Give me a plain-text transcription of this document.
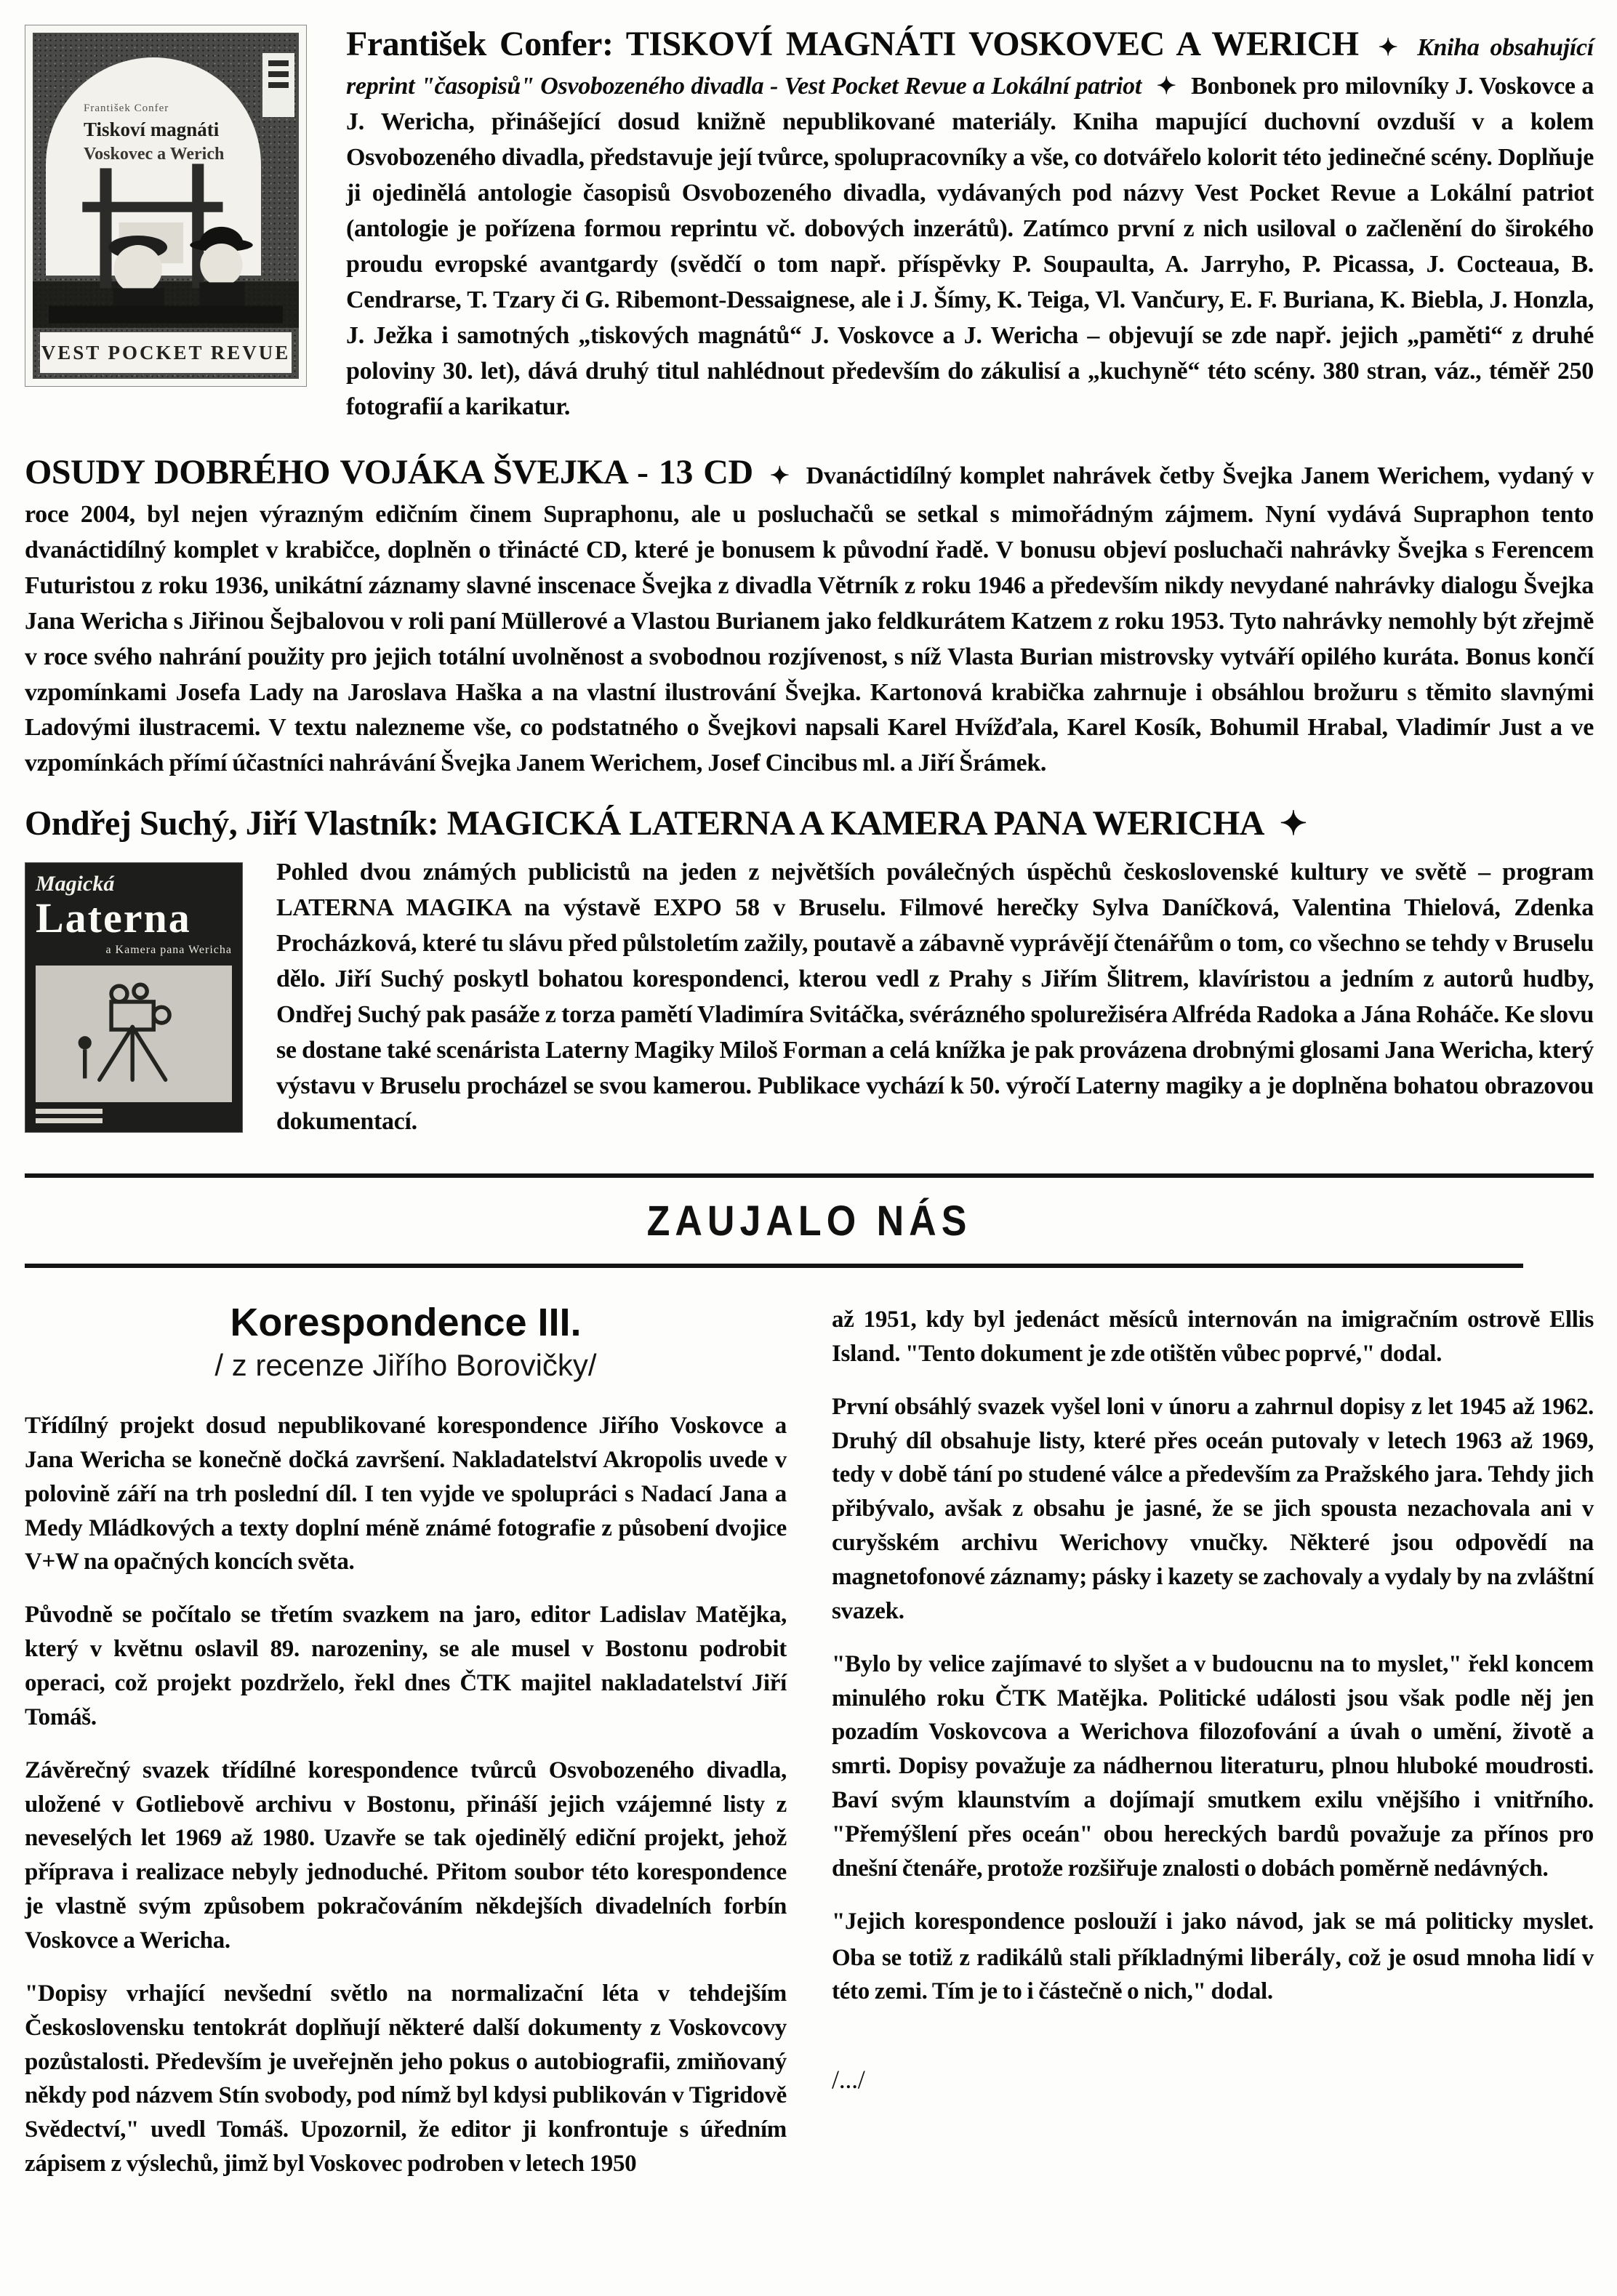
František Confer
Tiskoví magnáti
Voskovec a Werich
VEST POCKET REVUE

František Confer: TISKOVÍ MAGNÁTI VOSKOVEC A WERICH ✦ Kniha obsahující reprint "časopisů" Osvobozeného divadla - Vest Pocket Revue a Lokální patriot ✦ Bonbonek pro milovníky J. Voskovce a J. Wericha, přinášející dosud knižně nepublikované materiály. Kniha mapující duchovní ovzduší v a kolem Osvobozeného divadla, představuje její tvůrce, spolupracovníky a vše, co dotvářelo kolorit této jedinečné scény. Doplňuje ji ojedinělá antologie časopisů Osvobozeného divadla, vydávaných pod názvy Vest Pocket Revue a Lokální patriot (antologie je pořízena formou reprintu vč. dobových inzerátů). Zatímco první z nich usiloval o začlenění do širokého proudu evropské avantgardy (svědčí o tom např. příspěvky P. Soupaulta, A. Jarryho, P. Picassa, J. Cocteaua, B. Cendrarse, T. Tzary či G. Ribemont-Dessaignese, ale i J. Šímy, K. Teiga, Vl. Vančury, E. F. Buriana, K. Biebla, J. Honzla, J. Ježka i samotných „tiskových magnátů“ J. Voskovce a J. Wericha – objevují se zde např. jejich „paměti“ z druhé poloviny 30. let), dává druhý titul nahlédnout především do zákulisí a „kuchyně“ této scény. 380 stran, váz., téměř 250 fotografií a karikatur.

OSUDY DOBRÉHO VOJÁKA ŠVEJKA - 13 CD ✦ Dvanáctidílný komplet nahrávek četby Švejka Janem Werichem, vydaný v roce 2004, byl nejen výrazným edičním činem Supraphonu, ale u posluchačů se setkal s mimořádným zájmem. Nyní vydává Supraphon tento dvanáctidílný komplet v krabičce, doplněn o třinácté CD, které je bonusem k původní řadě. V bonusu objeví posluchači nahrávky Švejka s Ferencem Futuristou z roku 1936, unikátní záznamy slavné inscenace Švejka z divadla Větrník z roku 1946 a především nikdy nevydané nahrávky dialogu Švejka Jana Wericha s Jiřinou Šejbalovou v roli paní Müllerové a Vlastou Burianem jako feldkurátem Katzem z roku 1953. Tyto nahrávky nemohly být zřejmě v roce svého nahrání použity pro jejich totální uvolněnost a svobodnou rozjívenost, s níž Vlasta Burian mistrovsky vytváří opilého kuráta. Bonus končí vzpomínkami Josefa Lady na Jaroslava Haška a na vlastní ilustrování Švejka. Kartonová krabička zahrnuje i obsáhlou brožuru s těmito slavnými Ladovými ilustracemi. V textu nalezneme vše, co podstatného o Švejkovi napsali Karel Hvížďala, Karel Kosík, Bohumil Hrabal, Vladimír Just a ve vzpomínkách přímí účastníci nahrávání Švejka Janem Werichem, Josef Cincibus ml. a Jiří Šrámek.

Ondřej Suchý, Jiří Vlastník: MAGICKÁ LATERNA A KAMERA PANA WERICHA ✦
Magická
Laterna
a Kamera pana Wericha

Pohled dvou známých publicistů na jeden z největších poválečných úspěchů československé kultury ve světě – program LATERNA MAGIKA na výstavě EXPO 58 v Bruselu. Filmové herečky Sylva Daníčková, Valentina Thielová, Zdenka Procházková, které tu slávu před půlstoletím zažily, poutavě a zábavně vyprávějí čtenářům o tom, co všechno se tehdy v Bruselu dělo. Jiří Suchý poskytl bohatou korespondenci, kterou vedl z Prahy s Jiřím Šlitrem, klavíristou a jedním z autorů hudby, Ondřej Suchý pak pasáže z torza pamětí Vladimíra Svitáčka, svérázného spolurežiséra Alfréda Radoka a Jána Roháče. Ke slovu se dostane také scenárista Laterny Magiky Miloš Forman a celá knížka je pak provázena drobnými glosami Jana Wericha, který výstavu v Bruselu procházel se svou kamerou. Publikace vychází k 50. výročí Laterny magiky a je doplněna bohatou obrazovou dokumentací.

ZAUJALO NÁS
Korespondence III.
/ z recenze Jiřího Borovičky/

Třídílný projekt dosud nepublikované korespondence Jiřího Voskovce a Jana Wericha se konečně dočká završení. Nakladatelství Akropolis uvede v polovině září na trh poslední díl. I ten vyjde ve spolupráci s Nadací Jana a Medy Mládkových a texty doplní méně známé fotografie z působení dvojice V+W na opačných koncích světa.

Původně se počítalo se třetím svazkem na jaro, editor Ladislav Matějka, který v květnu oslavil 89. narozeniny, se ale musel v Bostonu podrobit operaci, což projekt pozdrželo, řekl dnes ČTK majitel nakladatelství Jiří Tomáš.

Závěrečný svazek třídílné korespondence tvůrců Osvobozeného divadla, uložené v Gotliebově archivu v Bostonu, přináší jejich vzájemné listy z neveselých let 1969 až 1980. Uzavře se tak ojedinělý ediční projekt, jehož příprava i realizace nebyly jednoduché. Přitom soubor této korespondence je vlastně svým způsobem pokračováním někdejších divadelních forbín Voskovce a Wericha.

"Dopisy vrhající nevšední světlo na normalizační léta v tehdejším Československu tentokrát doplňují některé další dokumenty z Voskovcovy pozůstalosti. Především je uveřejněn jeho pokus o autobiografii, zmiňovaný někdy pod názvem Stín svobody, pod nímž byl kdysi publikován v Tigridově Svědectví," uvedl Tomáš. Upozornil, že editor ji konfrontuje s úředním zápisem z výslechů, jimž byl Voskovec podroben v letech 1950

až 1951, kdy byl jedenáct měsíců internován na imigračním ostrově Ellis Island. "Tento dokument je zde otištěn vůbec poprvé," dodal.

První obsáhlý svazek vyšel loni v únoru a zahrnul dopisy z let 1945 až 1962. Druhý díl obsahuje listy, které přes oceán putovaly v letech 1963 až 1969, tedy v době tání po studené válce a především za Pražského jara. Tehdy jich přibývalo, avšak z obsahu je jasné, že se jich spousta nezachovala ani v curyšském archivu Werichovy vnučky. Některé jsou odpovědí na magnetofonové záznamy; pásky i kazety se zachovaly a vydaly by na zvláštní svazek.

"Bylo by velice zajímavé to slyšet a v budoucnu na to myslet," řekl koncem minulého roku ČTK Matějka. Politické události jsou však podle něj jen pozadím Voskovcova a Werichova filozofování a úvah o umění, životě a smrti. Dopisy považuje za nádhernou literaturu, plnou hluboké moudrosti. Baví svým klaunstvím a dojímají smutkem exilu vnějšího i vnitřního. "Přemýšlení přes oceán" obou hereckých bardů považuje za přínos pro dnešní čtenáře, protože rozšiřuje znalosti o dobách poměrně nedávných.

"Jejich korespondence poslouží i jako návod, jak se má politicky myslet. Oba se totiž z radikálů stali příkladnými liberály, což je osud mnoha lidí v této zemi. Tím je to i částečně o nich," dodal.

/.../
